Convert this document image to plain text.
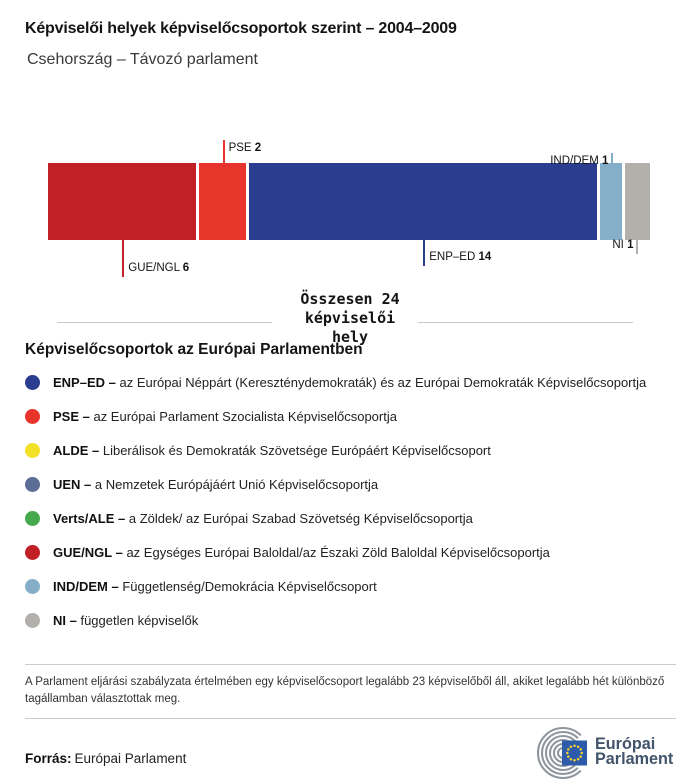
Képviselői helyek képviselőcsoportok szerint – 2004–2009
Csehország – Távozó parlament
GUE/NGL 6
PSE 2
ENP–ED 14
IND/DEM 1
NI 1
Összesen 24 képviselői hely
Képviselőcsoportok az Európai Parlamentben
ENP–ED – az Európai Néppárt (Kereszténydemokraták) és az Európai Demokraták Képviselőcsoportja
PSE – az Európai Parlament Szocialista Képviselőcsoportja
ALDE – Liberálisok és Demokraták Szövetsége Európáért Képviselőcsoport
UEN – a Nemzetek Európájáért Unió Képviselőcsoportja
Verts/ALE – a Zöldek/ az Európai Szabad Szövetség Képviselőcsoportja
GUE/NGL – az Egységes Európai Baloldal/az Északi Zöld Baloldal Képviselőcsoportja
IND/DEM – Függetlenség/Demokrácia Képviselőcsoport
NI – független képviselők
A Parlament eljárási szabályzata értelmében egy képviselőcsoport legalább 23 képviselőből áll, akiket legalább hét különböző tagállamban választottak meg.
Forrás: Európai Parlament
Európai
Parlament
